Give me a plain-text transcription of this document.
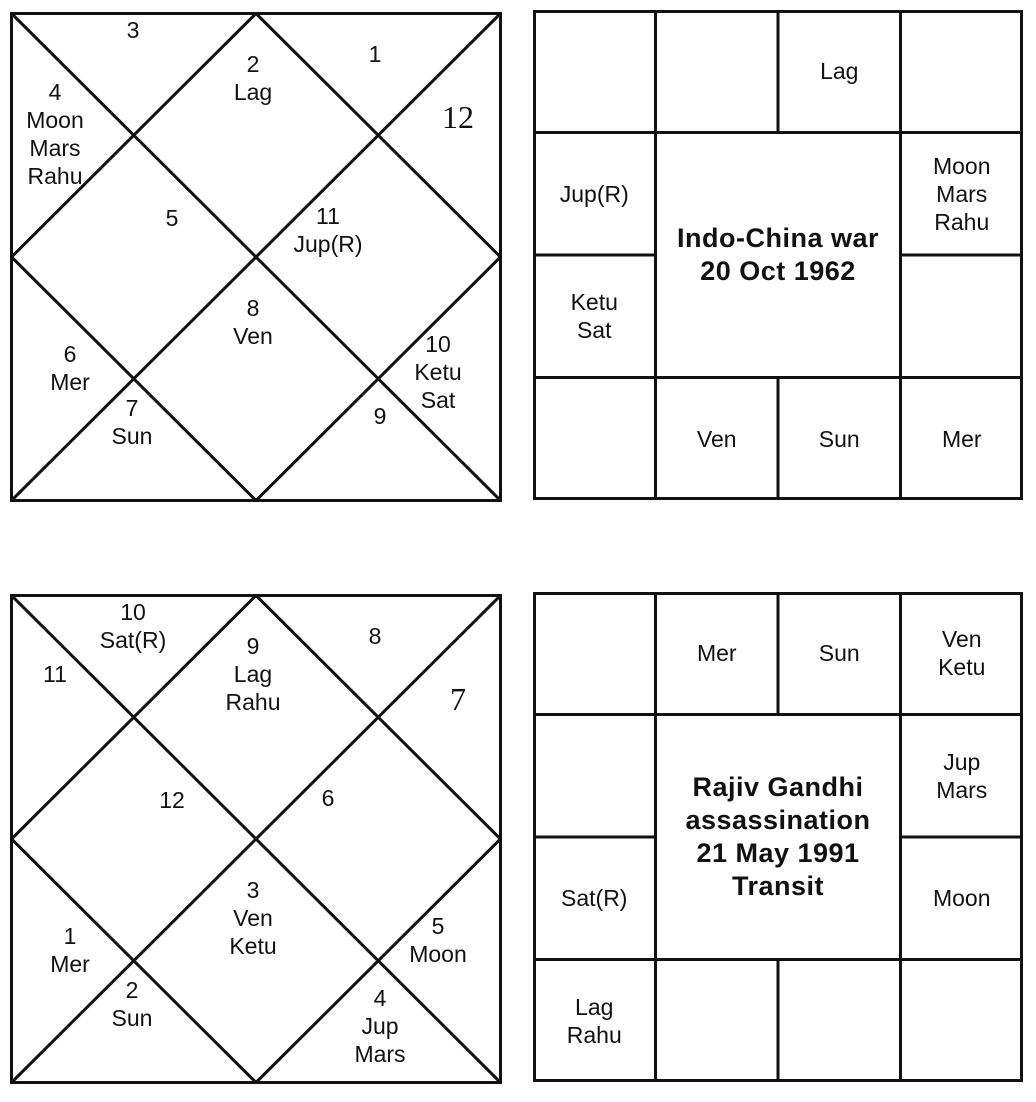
2
Lag
3
4
Moon
Mars
Rahu
5
6
Mer
7
Sun
8
Ven
9
10
Ketu
Sat
11
Jup(R)
12
1
Lag
Jup(R)
Moon
Mars
Rahu
Ketu
Sat
Ven	Sun	Mer
Indo-China war
20 Oct 1962
9
Lag
Rahu
10
Sat(R)
11
12
1
Mer
2
Sun
3
Ven
Ketu
4
Jup
Mars
5
Moon
6
7
8
Mer	Sun
Ven
Ketu
Jup
Mars
Sat(R)	Moon
Lag
Rahu
Rajiv Gandhi
assassination
21 May 1991
Transit
